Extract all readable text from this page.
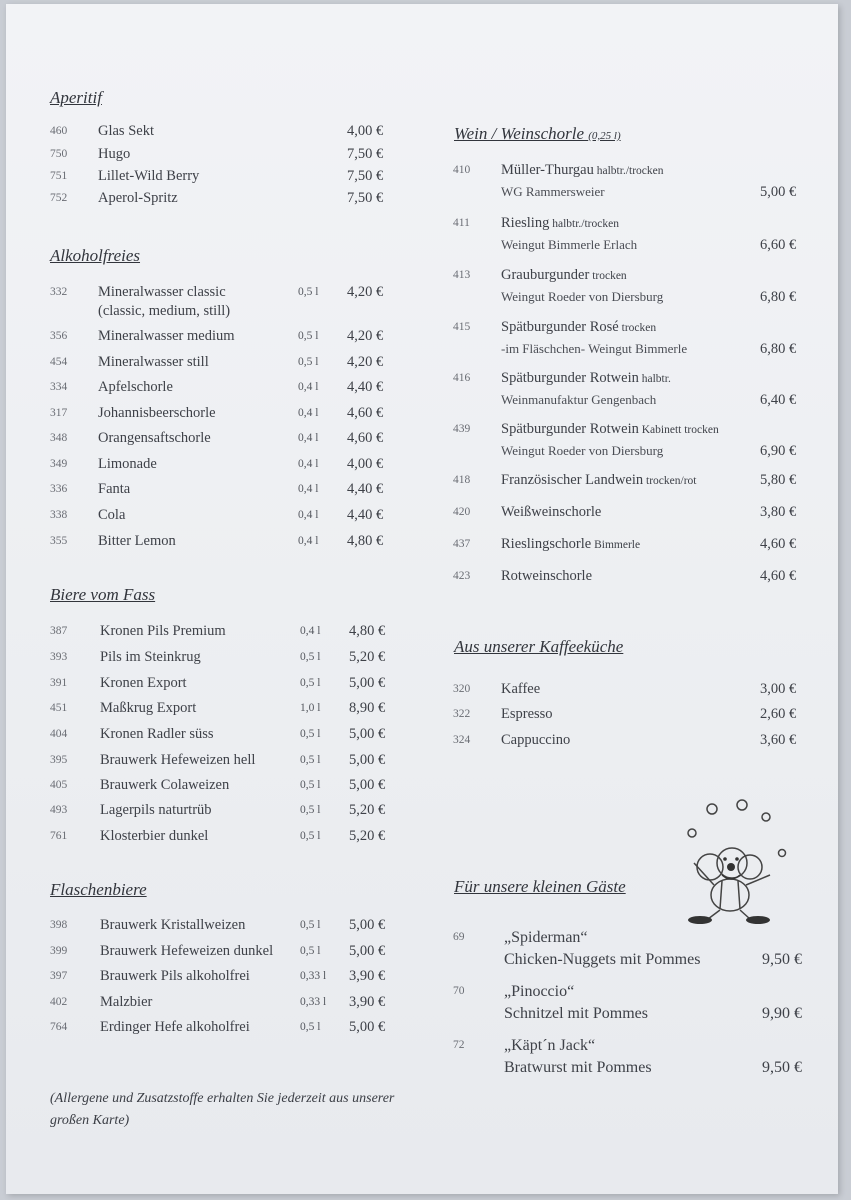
Aperitif
460 Glas Sekt	4,00 €
750 Hugo	7,50 €
751 Lillet-Wild Berry	7,50 €
752 Aperol-Spritz	7,50 €
Alkoholfreies
332 Mineralwasser classic	0,5 l 4,20 €
(classic, medium, still)
356 Mineralwasser medium	0,5 l 4,20 €
454 Mineralwasser still	0,5 l 4,20 €
334 Apfelschorle	0,4 l 4,40 €
317 Johannisbeerschorle	0,4 l 4,60 €
348 Orangensaftschorle	0,4 l 4,60 €
349 Limonade	0,4 l 4,00 €
336 Fanta	0,4 l 4,40 €
338 Cola	0,4 l 4,40 €
355 Bitter Lemon	0,4 l 4,80 €
Biere vom Fass
387 Kronen Pils Premium	0,4 l 4,80 €
393 Pils im Steinkrug	0,5 l 5,20 €
391 Kronen Export	0,5 l 5,00 €
451 Maßkrug Export	1,0 l 8,90 €
404 Kronen Radler süss	0,5 l 5,00 €
395 Brauwerk Hefeweizen hell	0,5 l 5,00 €
405 Brauwerk Colaweizen	0,5 l 5,00 €
493 Lagerpils naturtrüb	0,5 l 5,20 €
761 Klosterbier dunkel	0,5 l 5,20 €
Flaschenbiere
398 Brauwerk Kristallweizen	0,5 l 5,00 €
399 Brauwerk Hefeweizen dunkel 0,5 l 5,00 €
397 Brauwerk Pils alkoholfrei	0,33 l 3,90 €
402 Malzbier	0,33 l 3,90 €
764 Erdinger Hefe alkoholfrei	0,5 l 5,00 €
(Allergene und Zusatzstoffe erhalten Sie jederzeit aus unserer großen Karte)
Wein / Weinschorle (0,25 l)
410 Müller-Thurgau halbtr./trocken
WG Rammersweier	5,00 €
411 Riesling halbtr./trocken
Weingut Bimmerle Erlach	6,60 €
413 Grauburgunder trocken
Weingut Roeder von Diersburg	6,80 €
415 Spätburgunder Rosé trocken
-im Fläschchen- Weingut Bimmerle	6,80 €
416 Spätburgunder Rotwein halbtr.
Weinmanufaktur Gengenbach	6,40 €
439 Spätburgunder Rotwein Kabinett trocken
Weingut Roeder von Diersburg	6,90 €
418 Französischer Landwein trocken/rot	5,80 €
420 Weißweinschorle	3,80 €
437 Rieslingschorle Bimmerle	4,60 €
423 Rotweinschorle	4,60 €
Aus unserer Kaffeeküche
320 Kaffee	3,00 €
322 Espresso	2,60 €
324 Cappuccino	3,60 €
Für unsere kleinen Gäste
69 „Spiderman“
Chicken-Nuggets mit Pommes	9,50 €
70 „Pinoccio“
Schnitzel mit Pommes	9,90 €
72 „Käpt´n Jack“
Bratwurst mit Pommes	9,50 €
